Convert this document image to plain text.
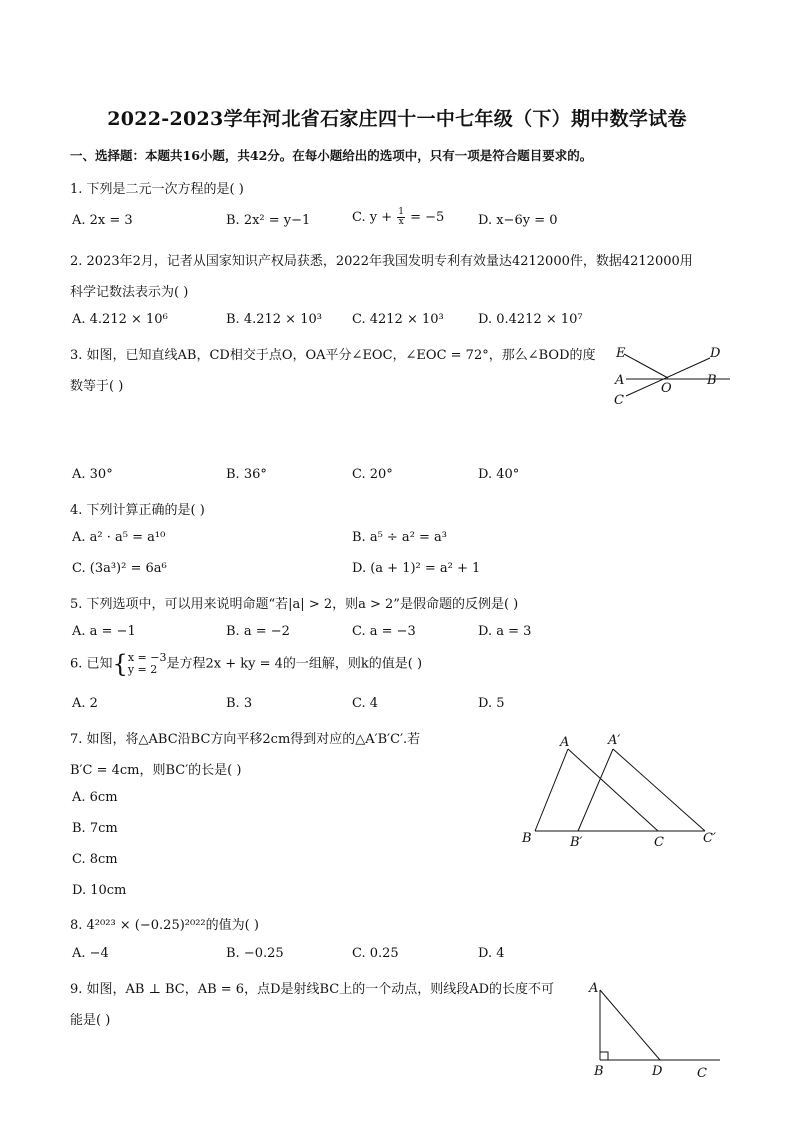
2022-2023学年河北省石家庄四十一中七年级（下）期中数学试卷
一、选择题：本题共16小题，共42分。在每小题给出的选项中，只有一项是符合题目要求的。
1. 下列是二元一次方程的是( )
A. 2x = 3	B. 2x² = y−1	C. $y + \frac{1}{x} = -5$	D. x−6y = 0
2. 2023年2月，记者从国家知识产权局获悉，2022年我国发明专利有效量达4212000件，数据4212000用
科学记数法表示为( )
A. 4.212 × 10⁶	B. 4.212 × 10³ C. 4212 × 10³	D. 0.4212 × 10⁷
3. 如图，已知直线AB，CD相交于点O，OA平分∠EOC，∠EOC = 72°，那么∠BOD的度
数等于( )
E	D
A	B
C
O
A. 30°	B. 36°	C. 20°	D. 40°
4. 下列计算正确的是( )
A. a² · a⁵ = a¹⁰	B. a⁵ ÷ a² = a³
C. (3a³)² = 6a⁶	D. (a + 1)² = a² + 1
5. 下列选项中，可以用来说明命题“若|a| > 2，则a > 2”是假命题的反例是( )
A. a = −1	B. a = −2	C. a = −3	D. a = 3
6. 已知{ x = −3
y = 2 是方程2x + ky = 4的一组解，则k的值是( )
A. 2	B. 3	C. 4	D. 5
7. 如图，将△ABC沿BC方向平移2cm得到对应的△A′B′C′.若
B′C = 4cm，则BC′的长是( )
A. 6cm
B. 7cm
C. 8cm
D. 10cm
A	A′
B	B′	C	C′
8. 4²⁰²³ × (−0.25)²⁰²²的值为( )
A. −4	B. −0.25	C. 0.25	D. 4
9. 如图，AB ⊥ BC，AB = 6，点D是射线BC上的一个动点，则线段AD的长度不可
能是( )
A
B	D	C
